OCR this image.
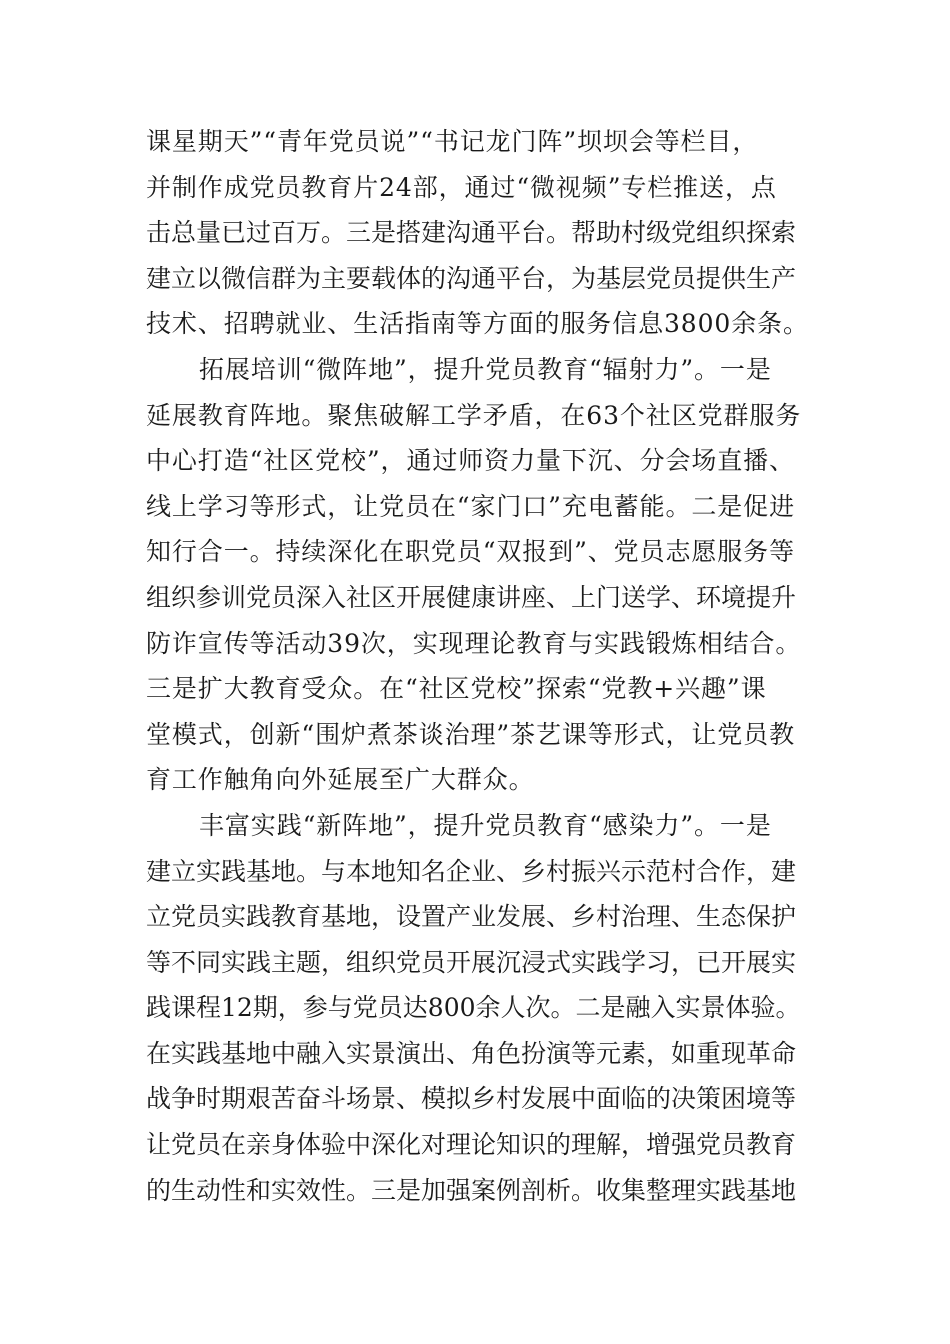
课星期天”“青年党员说”“书记龙门阵”坝坝会等栏目，
并制作成党员教育片24部，通过“微视频”专栏推送，点
击总量已过百万。三是搭建沟通平台。帮助村级党组织探索
建立以微信群为主要载体的沟通平台，为基层党员提供生产
技术、招聘就业、生活指南等方面的服务信息3800余条。
拓展培训“微阵地”，提升党员教育“辐射力”。一是
延展教育阵地。聚焦破解工学矛盾，在63个社区党群服务
中心打造“社区党校”，通过师资力量下沉、分会场直播、
线上学习等形式，让党员在“家门口”充电蓄能。二是促进
知行合一。持续深化在职党员“双报到”、党员志愿服务等
组织参训党员深入社区开展健康讲座、上门送学、环境提升
防诈宣传等活动39次，实现理论教育与实践锻炼相结合。
三是扩大教育受众。在“社区党校”探索“党教+兴趣”课
堂模式，创新“围炉煮茶谈治理”茶艺课等形式，让党员教
育工作触角向外延展至广大群众。
丰富实践“新阵地”，提升党员教育“感染力”。一是
建立实践基地。与本地知名企业、乡村振兴示范村合作，建
立党员实践教育基地，设置产业发展、乡村治理、生态保护
等不同实践主题，组织党员开展沉浸式实践学习，已开展实
践课程12期，参与党员达800余人次。二是融入实景体验。
在实践基地中融入实景演出、角色扮演等元素，如重现革命
战争时期艰苦奋斗场景、模拟乡村发展中面临的决策困境等
让党员在亲身体验中深化对理论知识的理解，增强党员教育
的生动性和实效性。三是加强案例剖析。收集整理实践基地
